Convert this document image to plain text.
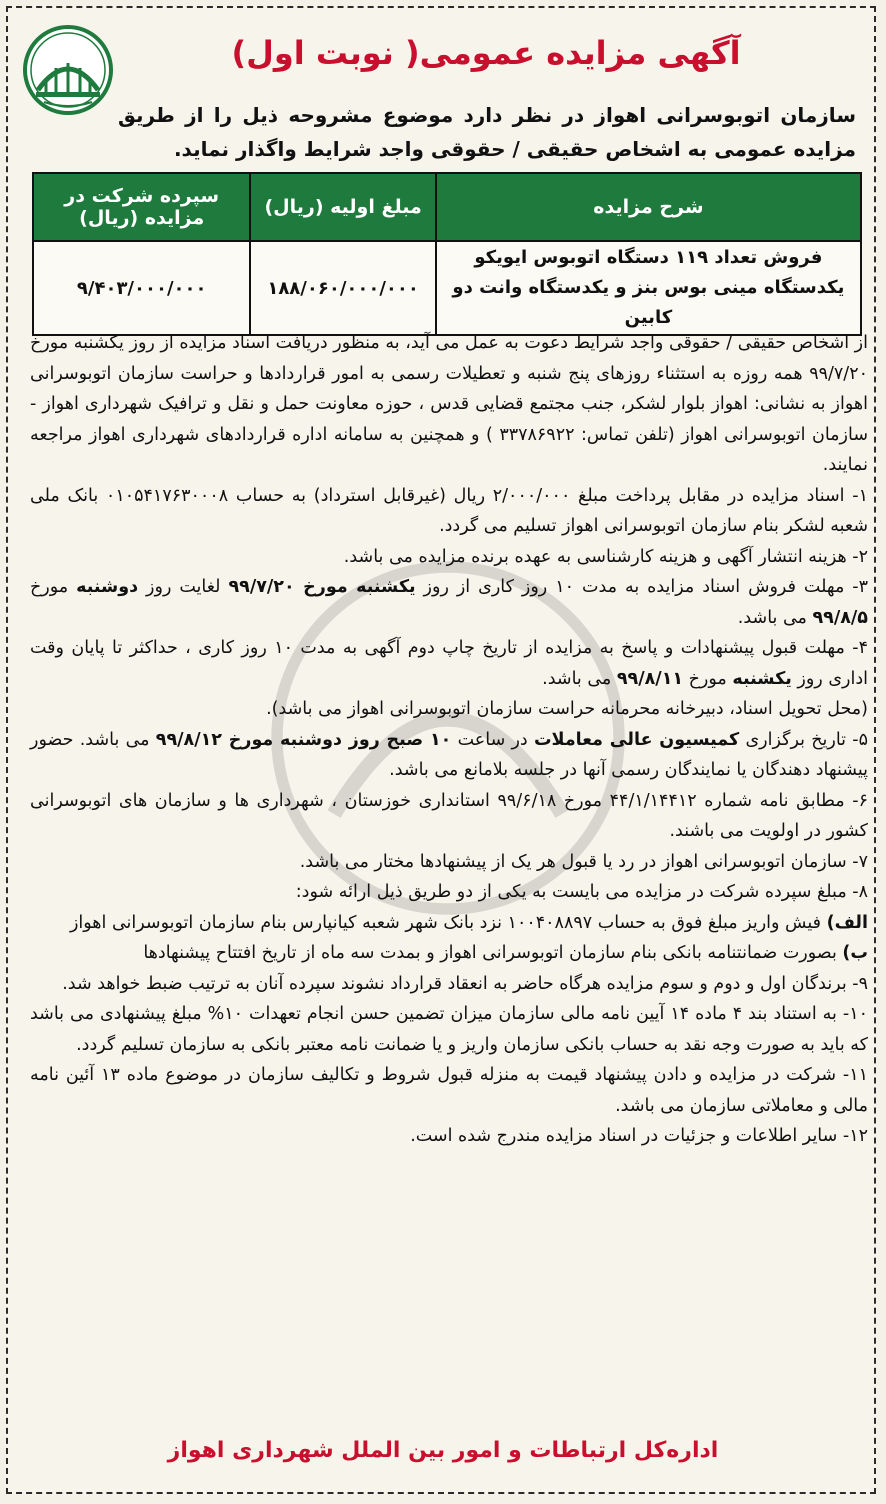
آگهی مزایده عمومی( نوبت اول)
سازمان اتوبوسرانی اهواز در نظر دارد موضوع مشروحه ذیل را از طریق مزایده عمومی به اشخاص حقیقی / حقوقی واجد شرایط واگذار نماید.
شرح مزایده	مبلغ اولیه (ریال)	سپرده شرکت در مزایده (ریال)

فروش تعداد ۱۱۹ دستگاه اتوبوس ایویکو
یکدستگاه مینی بوس بنز و یکدستگاه وانت دو کابین	۱۸۸/۰۶۰/۰۰۰/۰۰۰	۹/۴۰۳/۰۰۰/۰۰۰

از اشخاص حقیقی / حقوقی واجد شرایط دعوت به عمل می آید، به منظور دریافت اسناد مزایده از روز یکشنبه مورخ ۹۹/۷/۲۰ همه روزه به استثناء روزهای پنج شنبه و تعطیلات رسمی به امور قراردادها و حراست سازمان اتوبوسرانی اهواز به نشانی: اهواز بلوار لشکر، جنب مجتمع قضایی قدس ، حوزه معاونت حمل و نقل و ترافیک شهرداری اهواز - سازمان اتوبوسرانی اهواز (تلفن تماس: ۳۳۷۸۶۹۲۲ ) و همچنین به سامانه اداره قراردادهای شهرداری اهواز مراجعه نمایند.

۱- اسناد مزایده در مقابل پرداخت مبلغ ۲/۰۰۰/۰۰۰ ریال (غیرقابل استرداد) به حساب ۰۱۰۵۴۱۷۶۳۰۰۰۸ بانک ملی شعبه لشکر بنام سازمان اتوبوسرانی اهواز تسلیم می گردد.

۲- هزینه انتشار آگهی و هزینه کارشناسی به عهده برنده مزایده می باشد.

۳- مهلت فروش اسناد مزایده به مدت ۱۰ روز کاری از روز یکشنبه مورخ ۹۹/۷/۲۰ لغایت روز دوشنبه مورخ ۹۹/۸/۵ می باشد.

۴- مهلت قبول پیشنهادات و پاسخ به مزایده از تاریخ چاپ دوم آگهی به مدت ۱۰ روز کاری ، حداکثر تا پایان وقت اداری روز یکشنبه مورخ ۹۹/۸/۱۱ می باشد.

(محل تحویل اسناد، دبیرخانه محرمانه حراست سازمان اتوبوسرانی اهواز می باشد).

۵- تاریخ برگزاری کمیسیون عالی معاملات در ساعت ۱۰ صبح روز دوشنبه مورخ ۹۹/۸/۱۲ می باشد. حضور پیشنهاد دهندگان یا نمایندگان رسمی آنها در جلسه بلامانع می باشد.

۶- مطابق نامه شماره ۴۴/۱/۱۴۴۱۲ مورخ ۹۹/۶/۱۸ استانداری خوزستان ، شهرداری ها و سازمان های اتوبوسرانی کشور در اولویت می باشند.

۷- سازمان اتوبوسرانی اهواز در رد یا قبول هر یک از پیشنهادها مختار می باشد.

۸- مبلغ سپرده شرکت در مزایده می بایست به یکی از دو طریق ذیل ارائه شود:

الف) فیش واریز مبلغ فوق به حساب ۱۰۰۴۰۸۸۹۷ نزد بانک شهر شعبه کیانپارس بنام سازمان اتوبوسرانی اهواز

ب) بصورت ضمانتنامه بانکی بنام سازمان اتوبوسرانی اهواز و بمدت سه ماه از تاریخ افتتاح پیشنهادها

۹- برندگان اول و دوم و سوم مزایده هرگاه حاضر به انعقاد قرارداد نشوند سپرده آنان به ترتیب ضبط خواهد شد.

۱۰- به استناد بند ۴ ماده ۱۴ آیین نامه مالی سازمان میزان تضمین حسن انجام تعهدات ۱۰% مبلغ پیشنهادی می باشد که باید به صورت وجه نقد به حساب بانکی سازمان واریز و یا ضمانت نامه معتبر بانکی به سازمان تسلیم گردد.

۱۱- شرکت در مزایده و دادن پیشنهاد قیمت به منزله قبول شروط و تکالیف سازمان در موضوع ماده ۱۳ آئین نامه مالی و معاملاتی سازمان می باشد.

۱۲- سایر اطلاعات و جزئیات در اسناد مزایده مندرج شده است.

اداره‌کل ارتباطات و امور بین الملل شهرداری اهواز
